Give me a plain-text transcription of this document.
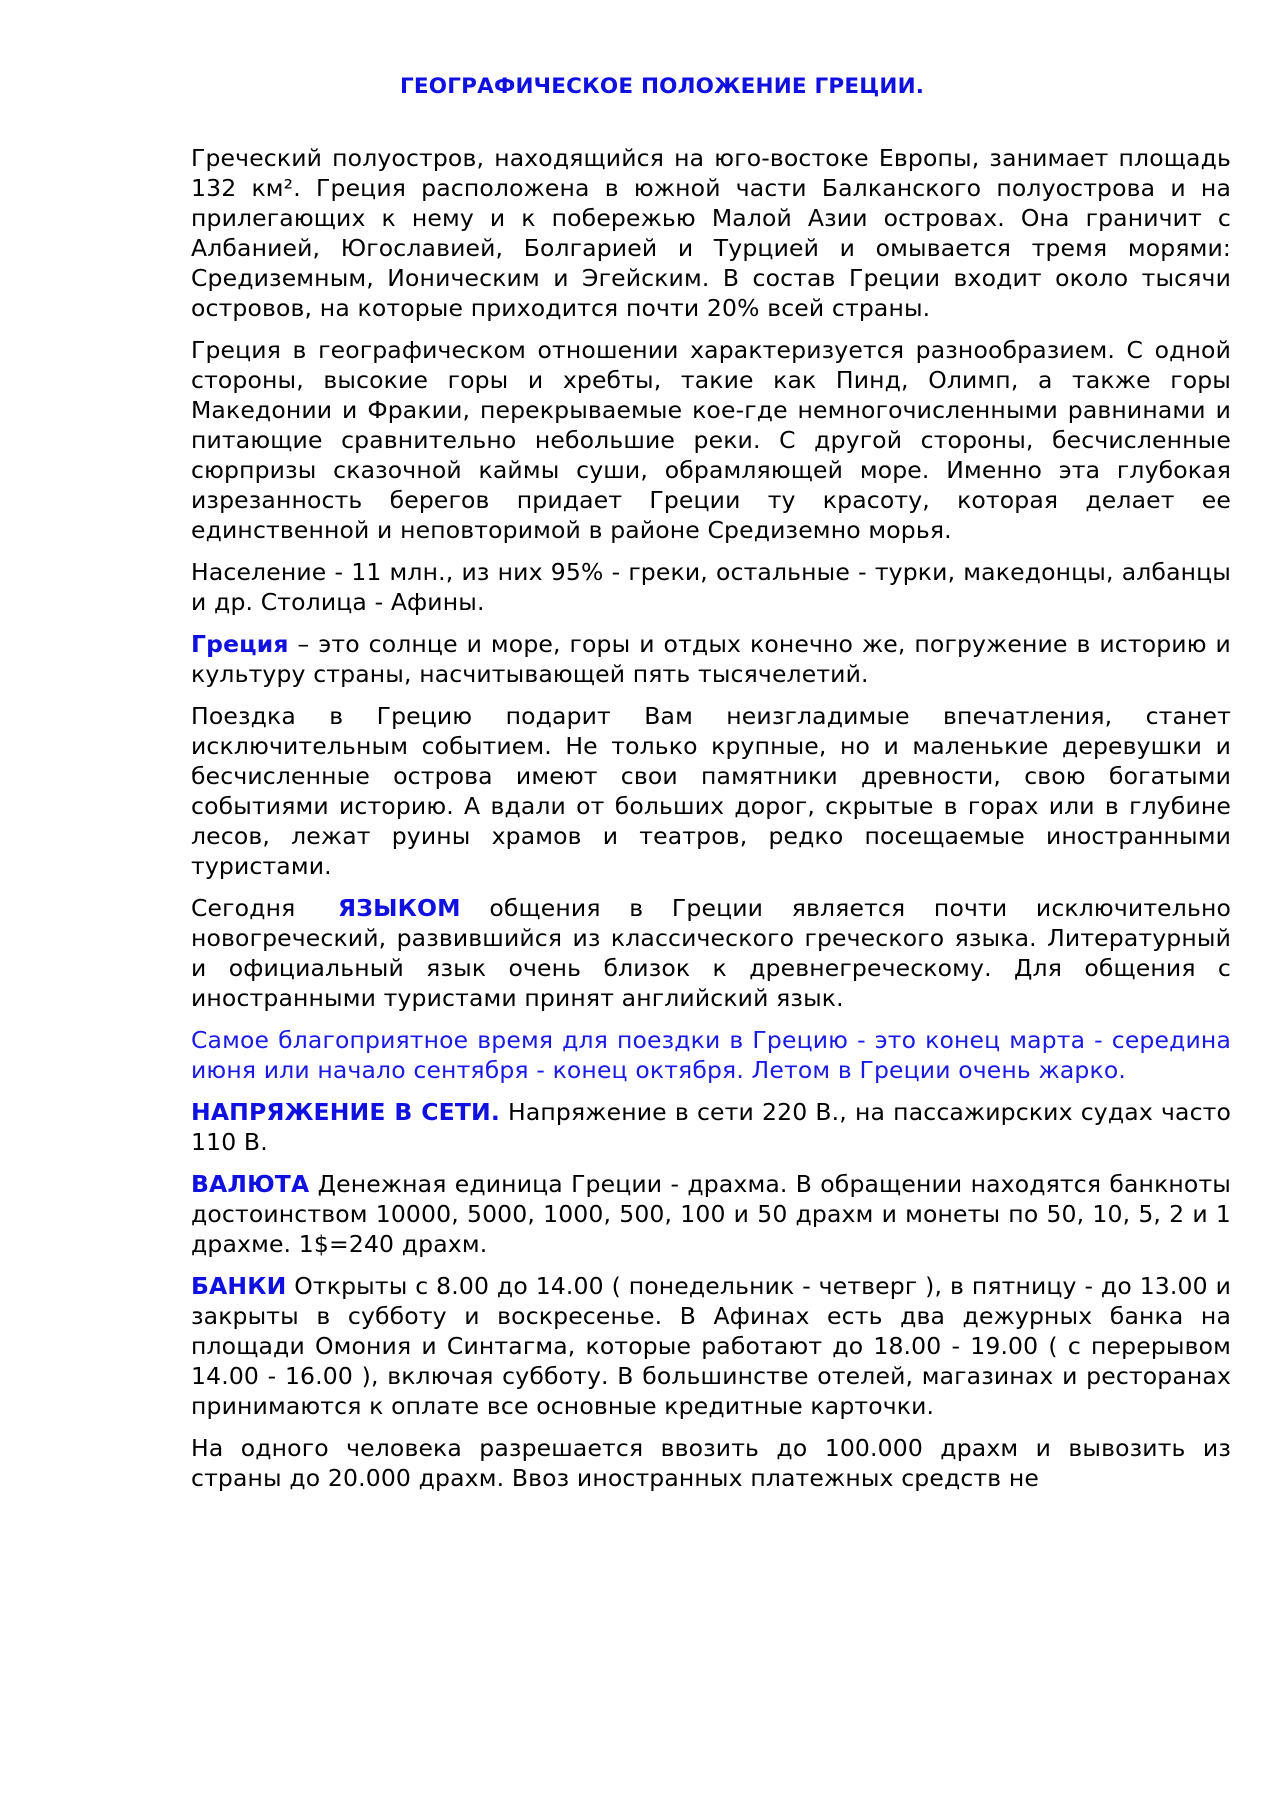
ГЕОГРАФИЧЕСКОЕ ПОЛОЖЕНИЕ ГРЕЦИИ.

Греческий полуостров, находящийся на юго-востоке Европы, занимает площадь 132 км². Греция расположена в южной части Балканского полуострова и на прилегающих к нему и к побережью Малой Азии островах. Она граничит с Албанией, Югославией, Болгарией и Турцией и омывается тремя морями: Средиземным, Ионическим и Эгейским. В состав Греции входит около тысячи островов, на которые приходится почти 20% всей страны.

Греция в географическом отношении характеризуется разнообразием. С одной стороны, высокие горы и хребты, такие как Пинд, Олимп, а также горы Македонии и Фракии, перекрываемые кое-где немногочисленными равнинами и питающие сравнительно небольшие реки. С другой стороны, бесчисленные сюрпризы сказочной каймы суши, обрамляющей море. Именно эта глубокая изрезанность берегов придает Греции ту красоту, которая делает ее единственной и неповторимой в районе Средиземно морья.

Население - 11 млн., из них 95% - греки, остальные - турки, македонцы, албанцы и др. Столица - Афины.

Греция – это солнце и море, горы и отдых конечно же, погружение в историю и культуру страны, насчитывающей пять тысячелетий.

Поездка в Грецию подарит Вам неизгладимые впечатления, станет исключительным событием. Не только крупные, но и маленькие деревушки и бесчисленные острова имеют свои памятники древности, свою богатыми событиями историю. А вдали от больших дорог, скрытые в горах или в глубине лесов, лежат руины храмов и театров, редко посещаемые иностранными туристами.

Сегодня ЯЗЫКОМ общения в Греции является почти исключительно новогреческий, развившийся из классического греческого языка. Литературный и официальный язык очень близок к древнегреческому. Для общения с иностранными туристами принят английский язык.

Самое благоприятное время для поездки в Грецию - это конец марта - середина июня или начало сентября - конец октября. Летом в Греции очень жарко.

НАПРЯЖЕНИЕ В СЕТИ. Напряжение в сети 220 В., на пассажирских судах часто 110 В.

ВАЛЮТА Денежная единица Греции - драхма. В обращении находятся банкноты достоинством 10000, 5000, 1000, 500, 100 и 50 драхм и монеты по 50, 10, 5, 2 и 1 драхме. 1$=240 драхм.

БАНКИ Открыты с 8.00 до 14.00 ( понедельник - четверг ), в пятницу - до 13.00 и закрыты в субботу и воскресенье. В Афинах есть два дежурных банка на площади Омония и Синтагма, которые работают до 18.00 - 19.00 ( с перерывом 14.00 - 16.00 ), включая субботу. В большинстве отелей, магазинах и ресторанах принимаются к оплате все основные кредитные карточки.

На одного человека разрешается ввозить до 100.000 драхм и вывозить из страны до 20.000 драхм. Ввоз иностранных платежных средств не
